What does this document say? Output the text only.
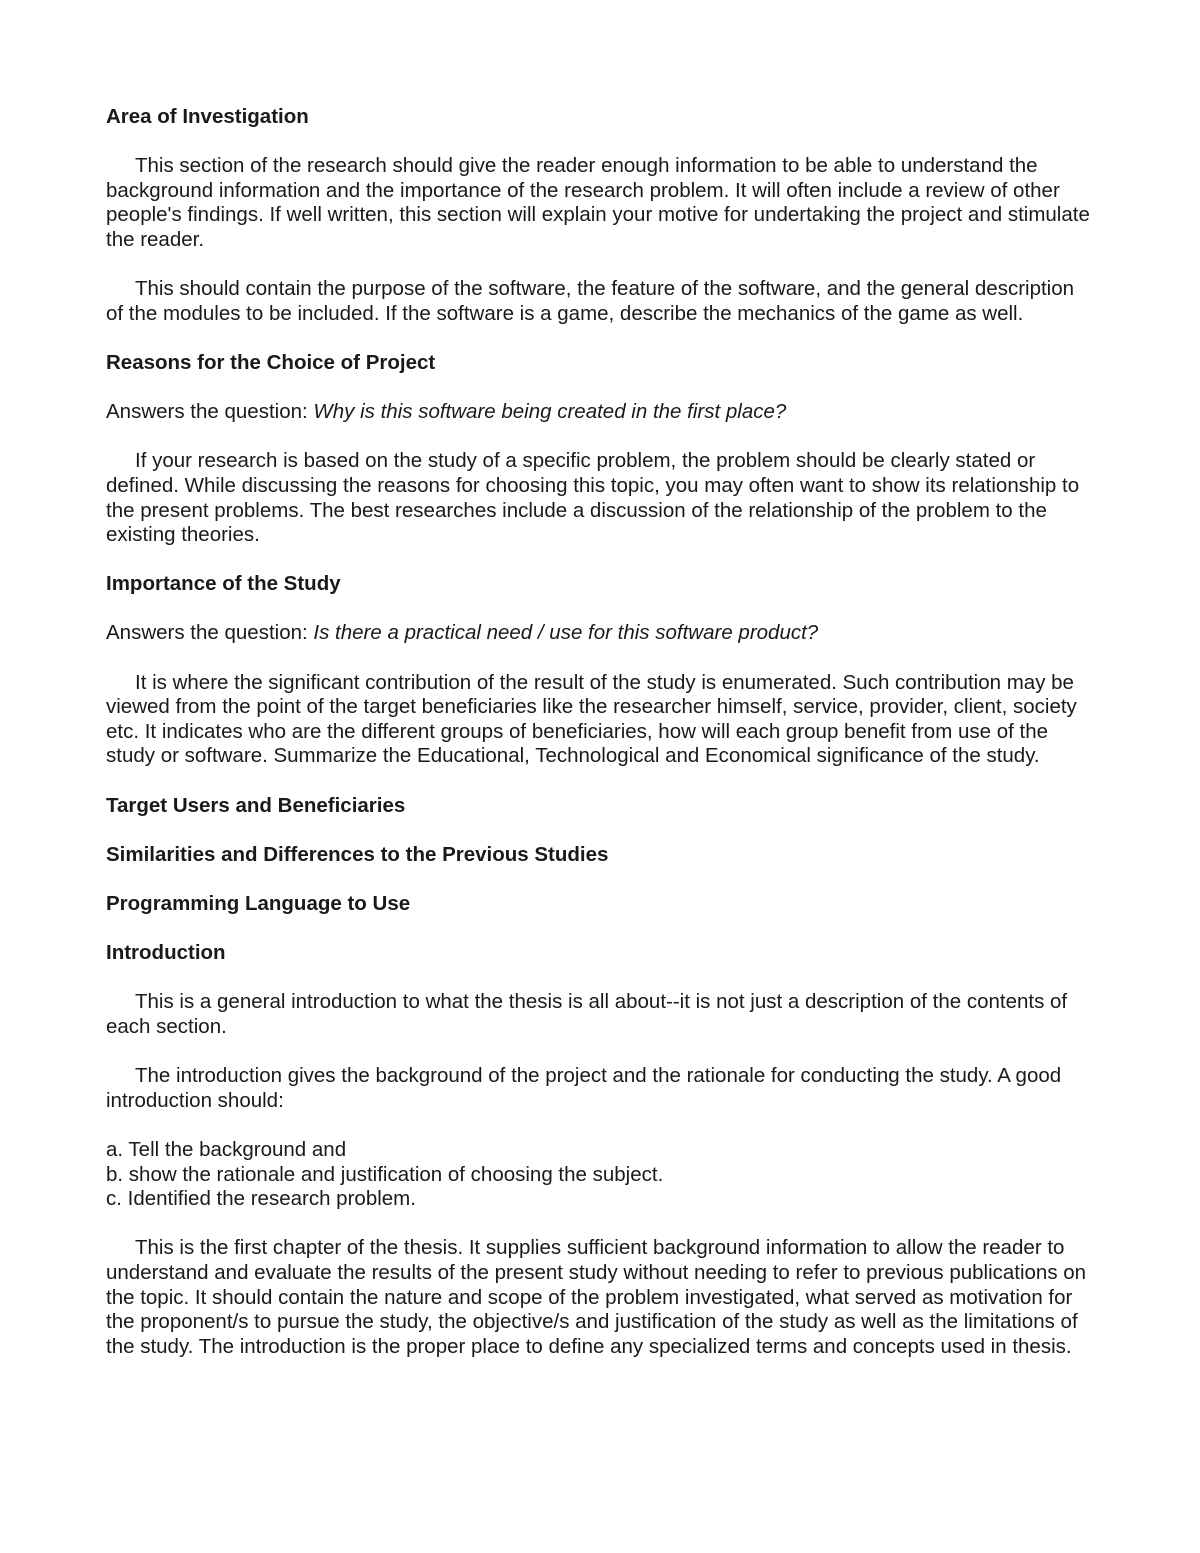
Area of Investigation

This section of the research should give the reader enough information to be able to understand the background information and the importance of the research problem. It will often include a review of other people's findings. If well written, this section will explain your motive for undertaking the project and stimulate the reader.

This should contain the purpose of the software, the feature of the software, and the general description of the modules to be included. If the software is a game, describe the mechanics of the game as well.

Reasons for the Choice of Project

Answers the question: Why is this software being created in the first place?

If your research is based on the study of a specific problem, the problem should be clearly stated or defined. While discussing the reasons for choosing this topic, you may often want to show its relationship to the present problems. The best researches include a discussion of the relationship of the problem to the existing theories.

Importance of the Study

Answers the question: Is there a practical need / use for this software product?

It is where the significant contribution of the result of the study is enumerated. Such contribution may be viewed from the point of the target beneficiaries like the researcher himself, service, provider, client, society etc. It indicates who are the different groups of beneficiaries, how will each group benefit from use of the study or software. Summarize the Educational, Technological and Economical significance of the study.

Target Users and Beneficiaries

Similarities and Differences to the Previous Studies

Programming Language to Use

Introduction

This is a general introduction to what the thesis is all about--it is not just a description of the contents of each section.

The introduction gives the background of the project and the rationale for conducting the study. A good introduction should:

a. Tell the background and

b. show the rationale and justification of choosing the subject.

c. Identified the research problem.

This is the first chapter of the thesis. It supplies sufficient background information to allow the reader to understand and evaluate the results of the present study without needing to refer to previous publications on the topic. It should contain the nature and scope of the problem investigated, what served as motivation for the proponent/s to pursue the study, the objective/s and justification of the study as well as the limitations of the study. The introduction is the proper place to define any specialized terms and concepts used in thesis.
